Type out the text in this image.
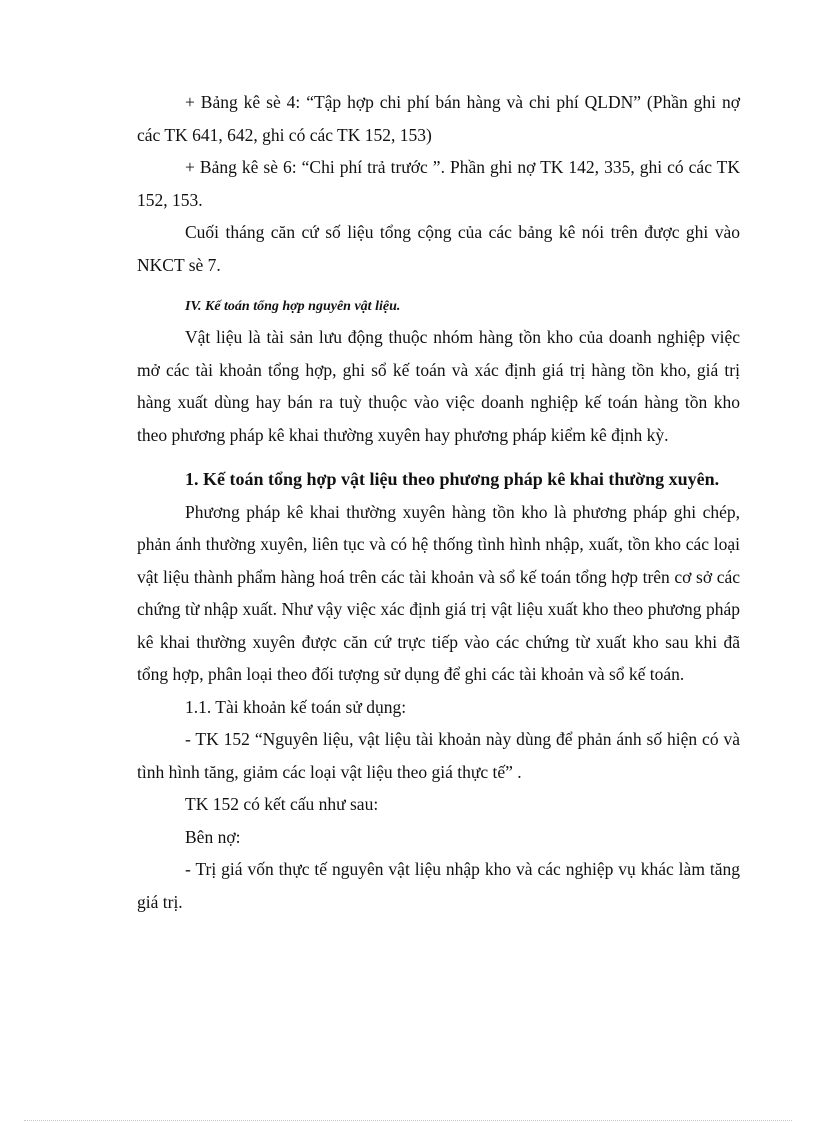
+ Bảng kê sè 4: “Tập hợp chi phí bán hàng và chi phí QLDN” (Phần ghi nợ các TK 641, 642, ghi có các TK 152, 153)

+ Bảng kê sè 6: “Chi phí trả trước ”. Phần ghi nợ TK 142, 335, ghi có các TK 152, 153.

Cuối tháng căn cứ số liệu tổng cộng của các bảng kê nói trên được ghi vào NKCT sè 7.

IV. Kế toán tổng hợp nguyên vật liệu.

Vật liệu là tài sản lưu động thuộc nhóm hàng tồn kho của doanh nghiệp việc mở các tài khoản tổng hợp, ghi sổ kế toán và xác định giá trị hàng tồn kho, giá trị hàng xuất dùng hay bán ra tuỳ thuộc vào việc doanh nghiệp kế toán hàng tồn kho theo phương pháp kê khai thường xuyên hay phương pháp kiểm kê định kỳ.

1. Kế toán tổng hợp vật liệu theo phương pháp kê khai thường xuyên.

Phương pháp kê khai thường xuyên hàng tồn kho là phương pháp ghi chép, phản ánh thường xuyên, liên tục và có hệ thống tình hình nhập, xuất, tồn kho các loại vật liệu thành phẩm hàng hoá trên các tài khoản và sổ kế toán tổng hợp trên cơ sở các chứng từ nhập xuất. Như vậy việc xác định giá trị vật liệu xuất kho theo phương pháp kê khai thường xuyên được căn cứ trực tiếp vào các chứng từ xuất kho sau khi đã tổng hợp, phân loại theo đối tượng sử dụng để ghi các tài khoản và sổ kế toán.

1.1. Tài khoản kế toán sử dụng:

- TK 152 “Nguyên liệu, vật liệu tài khoản này dùng để phản ánh số hiện có và tình hình tăng, giảm các loại vật liệu theo giá thực tế” .

TK 152 có kết cấu như sau:

Bên nợ:

- Trị giá vốn thực tế nguyên vật liệu nhập kho và các nghiệp vụ khác làm tăng giá trị.
